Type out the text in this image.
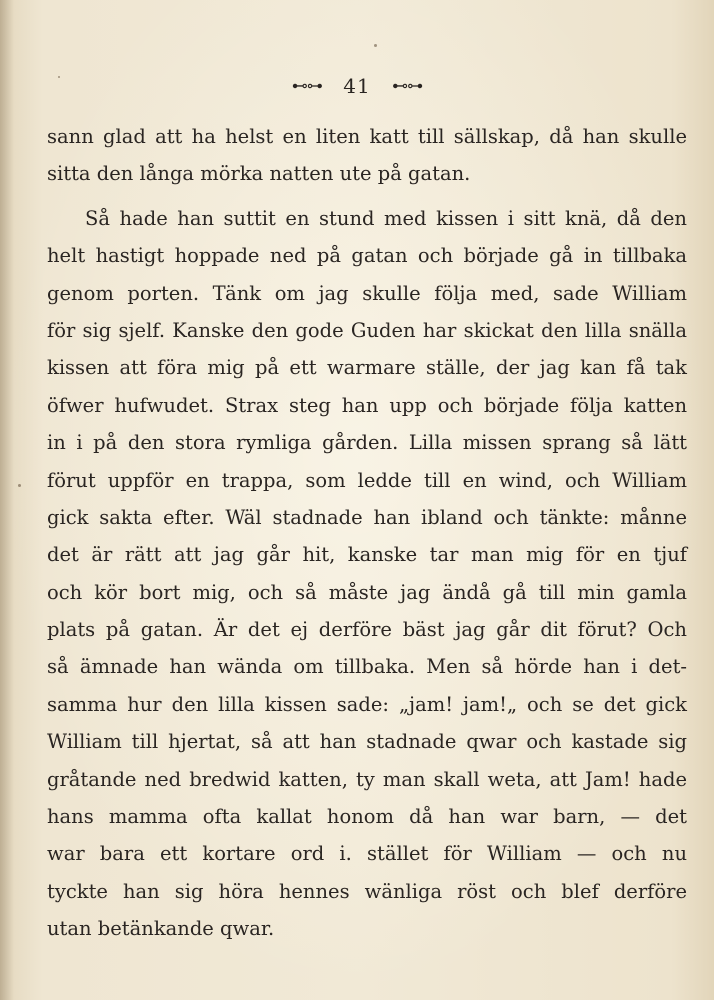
⊷⊶ 41 ⊷⊶
sann glad att ha helst en liten katt till sällskap, då han skulle
sitta den långa mörka natten ute på gatan.
Så hade han suttit en stund med kissen i sitt knä, då den
helt hastigt hoppade ned på gatan och började gå in tillbaka
genom porten. Tänk om jag skulle följa med, sade William
för sig sjelf. Kanske den gode Guden har skickat den lilla snälla
kissen att föra mig på ett warmare ställe, der jag kan få tak
öfwer hufwudet. Strax steg han upp och började följa katten
in i på den stora rymliga gården. Lilla missen sprang så lätt
förut uppför en trappa, som ledde till en wind, och William
gick sakta efter. Wäl stadnade han ibland och tänkte: månne
det är rätt att jag går hit, kanske tar man mig för en tjuf
och kör bort mig, och så måste jag ändå gå till min gamla
plats på gatan. Är det ej derföre bäst jag går dit förut? Och
så ämnade han wända om tillbaka. Men så hörde han i det-
samma hur den lilla kissen sade: „jam! jam!„ och se det gick
William till hjertat, så att han stadnade qwar och kastade sig
gråtande ned bredwid katten, ty man skall weta, att Jam! hade
hans mamma ofta kallat honom då han war barn, — det
war bara ett kortare ord i. stället för William — och nu
tyckte han sig höra hennes wänliga röst och blef derföre
utan betänkande qwar.
